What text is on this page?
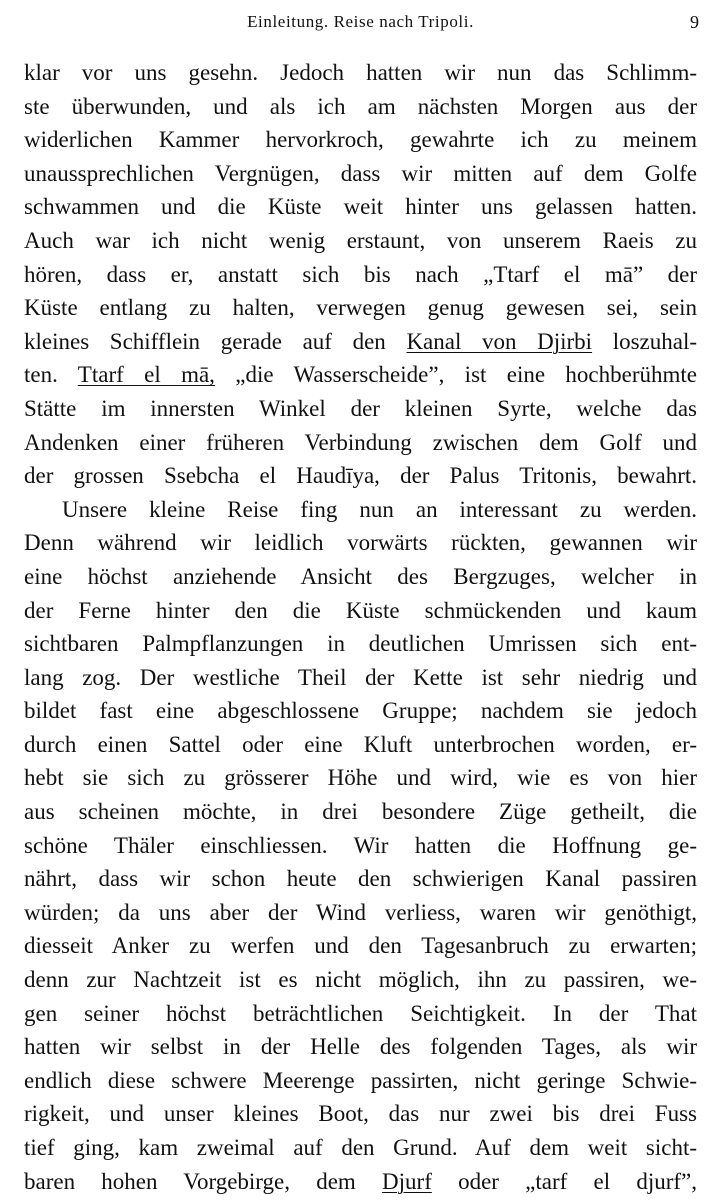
Einleitung. Reise nach Tripoli.	9
klar vor uns gesehn. Jedoch hatten wir nun das Schlimm-
ste überwunden, und als ich am nächsten Morgen aus der
widerlichen Kammer hervorkroch, gewahrte ich zu meinem
unaussprechlichen Vergnügen, dass wir mitten auf dem Golfe
schwammen und die Küste weit hinter uns gelassen hatten.
Auch war ich nicht wenig erstaunt, von unserem Raeis zu
hören, dass er, anstatt sich bis nach „Ttarf el mā” der
Küste entlang zu halten, verwegen genug gewesen sei, sein
kleines Schifflein gerade auf den Kanal von Djirbi loszuhal-
ten. Ttarf el mā, „die Wasserscheide”, ist eine hochberühmte
Stätte im innersten Winkel der kleinen Syrte, welche das
Andenken einer früheren Verbindung zwischen dem Golf und
der grossen Ssebcha el Haudīya, der Palus Tritonis, bewahrt.
Unsere kleine Reise fing nun an interessant zu werden.
Denn während wir leidlich vorwärts rückten, gewannen wir
eine höchst anziehende Ansicht des Bergzuges, welcher in
der Ferne hinter den die Küste schmückenden und kaum
sichtbaren Palmpflanzungen in deutlichen Umrissen sich ent-
lang zog. Der westliche Theil der Kette ist sehr niedrig und
bildet fast eine abgeschlossene Gruppe; nachdem sie jedoch
durch einen Sattel oder eine Kluft unterbrochen worden, er-
hebt sie sich zu grösserer Höhe und wird, wie es von hier
aus scheinen möchte, in drei besondere Züge getheilt, die
schöne Thäler einschliessen. Wir hatten die Hoffnung ge-
nährt, dass wir schon heute den schwierigen Kanal passiren
würden; da uns aber der Wind verliess, waren wir genöthigt,
diesseit Anker zu werfen und den Tagesanbruch zu erwarten;
denn zur Nachtzeit ist es nicht möglich, ihn zu passiren, we-
gen seiner höchst beträchtlichen Seichtigkeit. In der That
hatten wir selbst in der Helle des folgenden Tages, als wir
endlich diese schwere Meerenge passirten, nicht geringe Schwie-
rigkeit, und unser kleines Boot, das nur zwei bis drei Fuss
tief ging, kam zweimal auf den Grund. Auf dem weit sicht-
baren hohen Vorgebirge, dem Djurf oder „tarf el djurf”,
